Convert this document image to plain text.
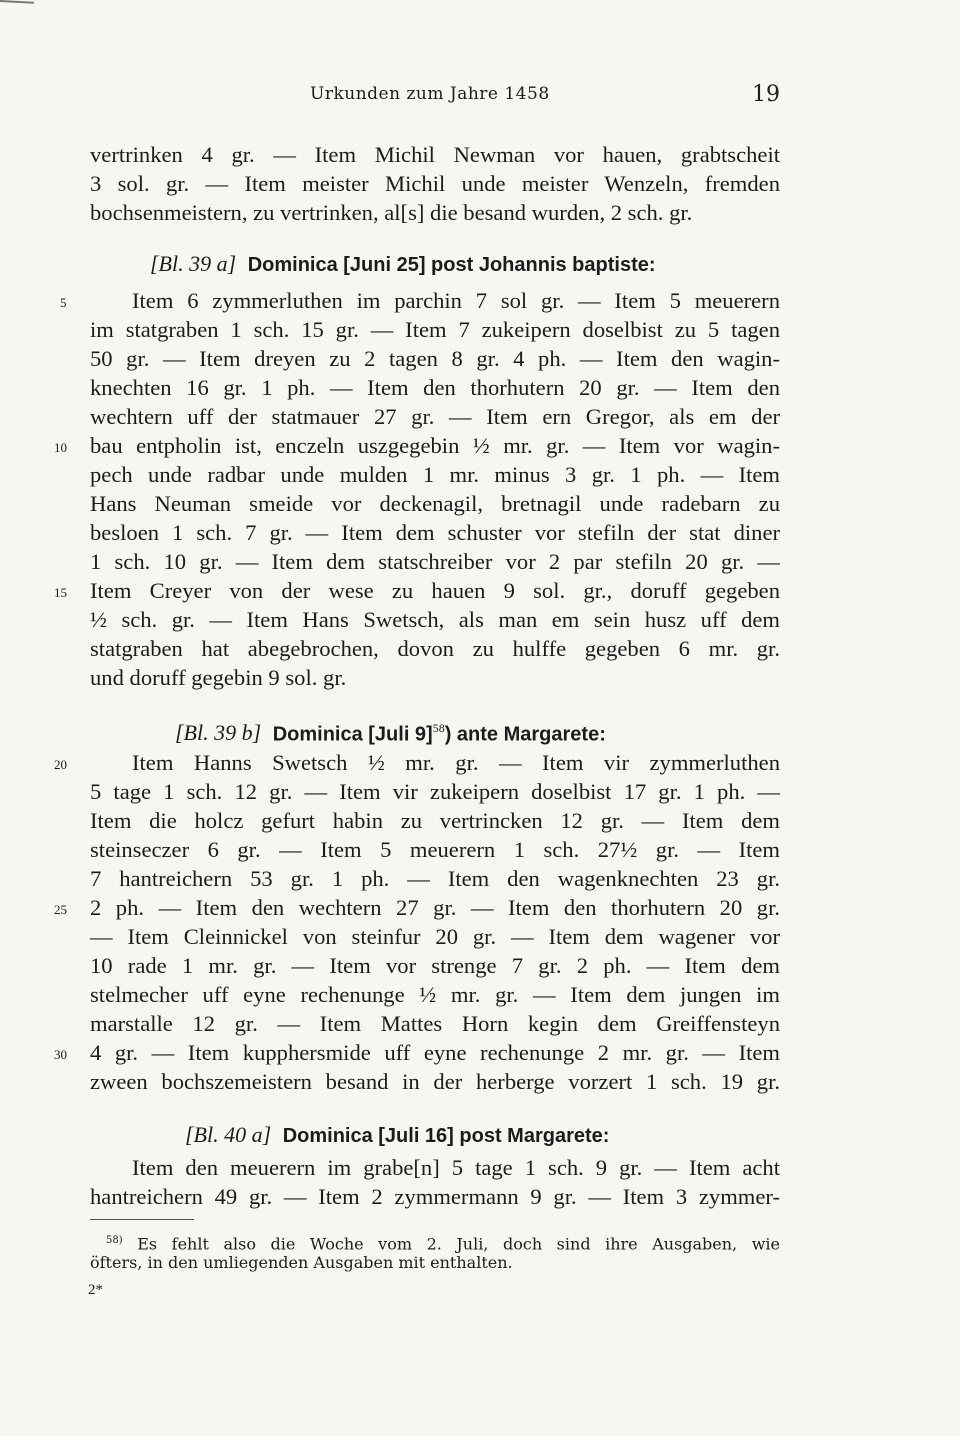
Urkunden zum Jahre 1458	19
vertrinken 4 gr. — Item Michil Newman vor hauen, grabtscheit
3 sol. gr. — Item meister Michil unde meister Wenzeln, fremden
bochsenmeistern, zu vertrinken, al[s] die besand wurden, 2 sch. gr.
[Bl. 39 a] Dominica [Juni 25] post Johannis baptiste:
Item 6 zymmerluthen im parchin 7 sol gr. — Item 5 meuerern
im statgraben 1 sch. 15 gr. — Item 7 zukeipern doselbist zu 5 tagen
50 gr. — Item dreyen zu 2 tagen 8 gr. 4 ph. — Item den wagin-
knechten 16 gr. 1 ph. — Item den thorhutern 20 gr. — Item den
wechtern uff der statmauer 27 gr. — Item ern Gregor, als em der
bau entpholin ist, enczeln uszgegebin ½ mr. gr. — Item vor wagin-
pech unde radbar unde mulden 1 mr. minus 3 gr. 1 ph. — Item
Hans Neuman smeide vor deckenagil, bretnagil unde radebarn zu
besloen 1 sch. 7 gr. — Item dem schuster vor stefiln der stat diner
1 sch. 10 gr. — Item dem statschreiber vor 2 par stefiln 20 gr. —
Item Creyer von der wese zu hauen 9 sol. gr., doruff gegeben
½ sch. gr. — Item Hans Swetsch, als man em sein husz uff dem
statgraben hat abegebrochen, dovon zu hulffe gegeben 6 mr. gr.
und doruff gegebin 9 sol. gr.
[Bl. 39 b] Dominica [Juli 9]$^{58}$) ante Margarete:
Item Hanns Swetsch ½ mr. gr. — Item vir zymmerluthen
5 tage 1 sch. 12 gr. — Item vir zukeipern doselbist 17 gr. 1 ph. —
Item die holcz gefurt habin zu vertrincken 12 gr. — Item dem
steinseczer 6 gr. — Item 5 meuerern 1 sch. 27½ gr. — Item
7 hantreichern 53 gr. 1 ph. — Item den wagenknechten 23 gr.
2 ph. — Item den wechtern 27 gr. — Item den thorhutern 20 gr.
— Item Cleinnickel von steinfur 20 gr. — Item dem wagener vor
10 rade 1 mr. gr. — Item vor strenge 7 gr. 2 ph. — Item dem
stelmecher uff eyne rechenunge ½ mr. gr. — Item dem jungen im
marstalle 12 gr. — Item Mattes Horn kegin dem Greiffensteyn
4 gr. — Item kupphersmide uff eyne rechenunge 2 mr. gr. — Item
zween bochszemeistern besand in der herberge vorzert 1 sch. 19 gr.
[Bl. 40 a] Dominica [Juli 16] post Margarete:
Item den meuerern im grabe[n] 5 tage 1 sch. 9 gr. — Item acht
hantreichern 49 gr. — Item 2 zymmermann 9 gr. — Item 3 zymmer-
5
10
15
20
25
30
$^{58)}$ Es fehlt also die Woche vom 2. Juli, doch sind ihre Ausgaben, wie
öfters, in den umliegenden Ausgaben mit enthalten.
2*
